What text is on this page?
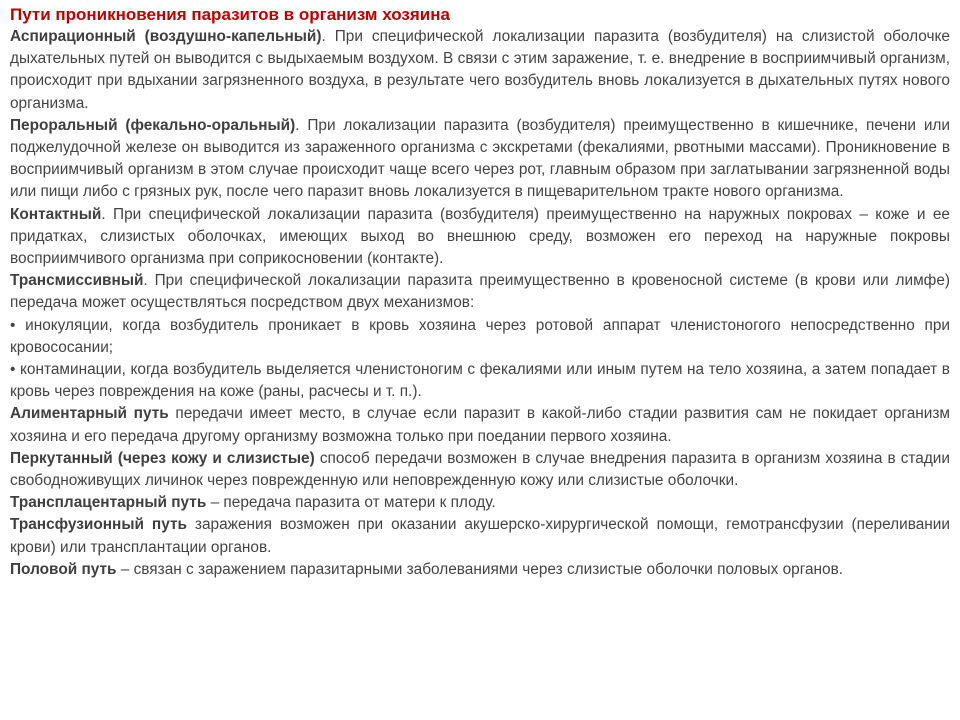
Пути проникновения паразитов в организм хозяина

Аспирационный (воздушно-капельный). При специфической локализации паразита (возбудителя) на слизистой оболочке дыхательных путей он выводится с выдыхаемым воздухом. В связи с этим заражение, т. е. внедрение в восприимчивый организм, происходит при вдыхании загрязненного воздуха, в результате чего возбудитель вновь локализуется в дыхательных путях нового организма.

Пероральный (фекально-оральный). При локализации паразита (возбудителя) преимущественно в кишечнике, печени или поджелудочной железе он выводится из зараженного организма с экскретами (фекалиями, рвотными массами). Проникновение в восприимчивый организм в этом случае происходит чаще всего через рот, главным образом при заглатывании загрязненной воды или пищи либо с грязных рук, после чего паразит вновь локализуется в пищеварительном тракте нового организма.

Контактный. При специфической локализации паразита (возбудителя) преимущественно на наружных покровах – коже и ее придатках, слизистых оболочках, имеющих выход во внешнюю среду, возможен его переход на наружные покровы восприимчивого организма при соприкосновении (контакте).

Трансмиссивный. При специфической локализации паразита преимущественно в кровеносной системе (в крови или лимфе) передача может осуществляться посредством двух механизмов:

• инокуляции, когда возбудитель проникает в кровь хозяина через ротовой аппарат членистоногого непосредственно при кровососании;

• контаминации, когда возбудитель выделяется членистоногим с фекалиями или иным путем на тело хозяина, а затем попадает в кровь через повреждения на коже (раны, расчесы и т. п.).

Алиментарный путь передачи имеет место, в случае если паразит в какой-либо стадии развития сам не покидает организм хозяина и его передача другому организму возможна только при поедании первого хозяина.

Перкутанный (через кожу и слизистые) способ передачи возможен в случае внедрения паразита в организм хозяина в стадии свободноживущих личинок через поврежденную или неповрежденную кожу или слизистые оболочки.

Трансплацентарный путь – передача паразита от матери к плоду.

Трансфузионный путь заражения возможен при оказании акушерско-хирургической помощи, гемотрансфузии (переливании крови) или трансплантации органов.

Половой путь – связан с заражением паразитарными заболеваниями через слизистые оболочки половых органов.
